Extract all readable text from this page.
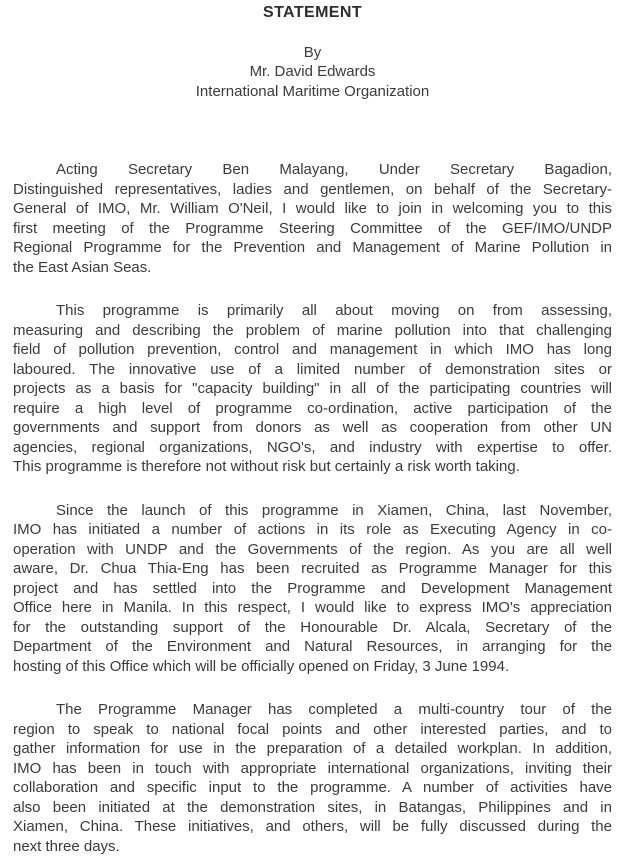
STATEMENT
By
Mr. David Edwards
International Maritime Organization
Acting Secretary Ben Malayang, Under Secretary Bagadion,
Distinguished representatives, ladies and gentlemen, on behalf of the Secretary-
General of IMO, Mr. William O'Neil, I would like to join in welcoming you to this
first meeting of the Programme Steering Committee of the GEF/IMO/UNDP
Regional Programme for the Prevention and Management of Marine Pollution in
the East Asian Seas.
This programme is primarily all about moving on from assessing,
measuring and describing the problem of marine pollution into that challenging
field of pollution prevention, control and management in which IMO has long
laboured. The innovative use of a limited number of demonstration sites or
projects as a basis for "capacity building" in all of the participating countries will
require a high level of programme co-ordination, active participation of the
governments and support from donors as well as cooperation from other UN
agencies, regional organizations, NGO's, and industry with expertise to offer.
This programme is therefore not without risk but certainly a risk worth taking.
Since the launch of this programme in Xiamen, China, last November,
IMO has initiated a number of actions in its role as Executing Agency in co-
operation with UNDP and the Governments of the region. As you are all well
aware, Dr. Chua Thia-Eng has been recruited as Programme Manager for this
project and has settled into the Programme and Development Management
Office here in Manila. In this respect, I would like to express IMO's appreciation
for the outstanding support of the Honourable Dr. Alcala, Secretary of the
Department of the Environment and Natural Resources, in arranging for the
hosting of this Office which will be officially opened on Friday, 3 June 1994.
The Programme Manager has completed a multi-country tour of the
region to speak to national focal points and other interested parties, and to
gather information for use in the preparation of a detailed workplan. In addition,
IMO has been in touch with appropriate international organizations, inviting their
collaboration and specific input to the programme. A number of activities have
also been initiated at the demonstration sites, in Batangas, Philippines and in
Xiamen, China. These initiatives, and others, will be fully discussed during the
next three days.
